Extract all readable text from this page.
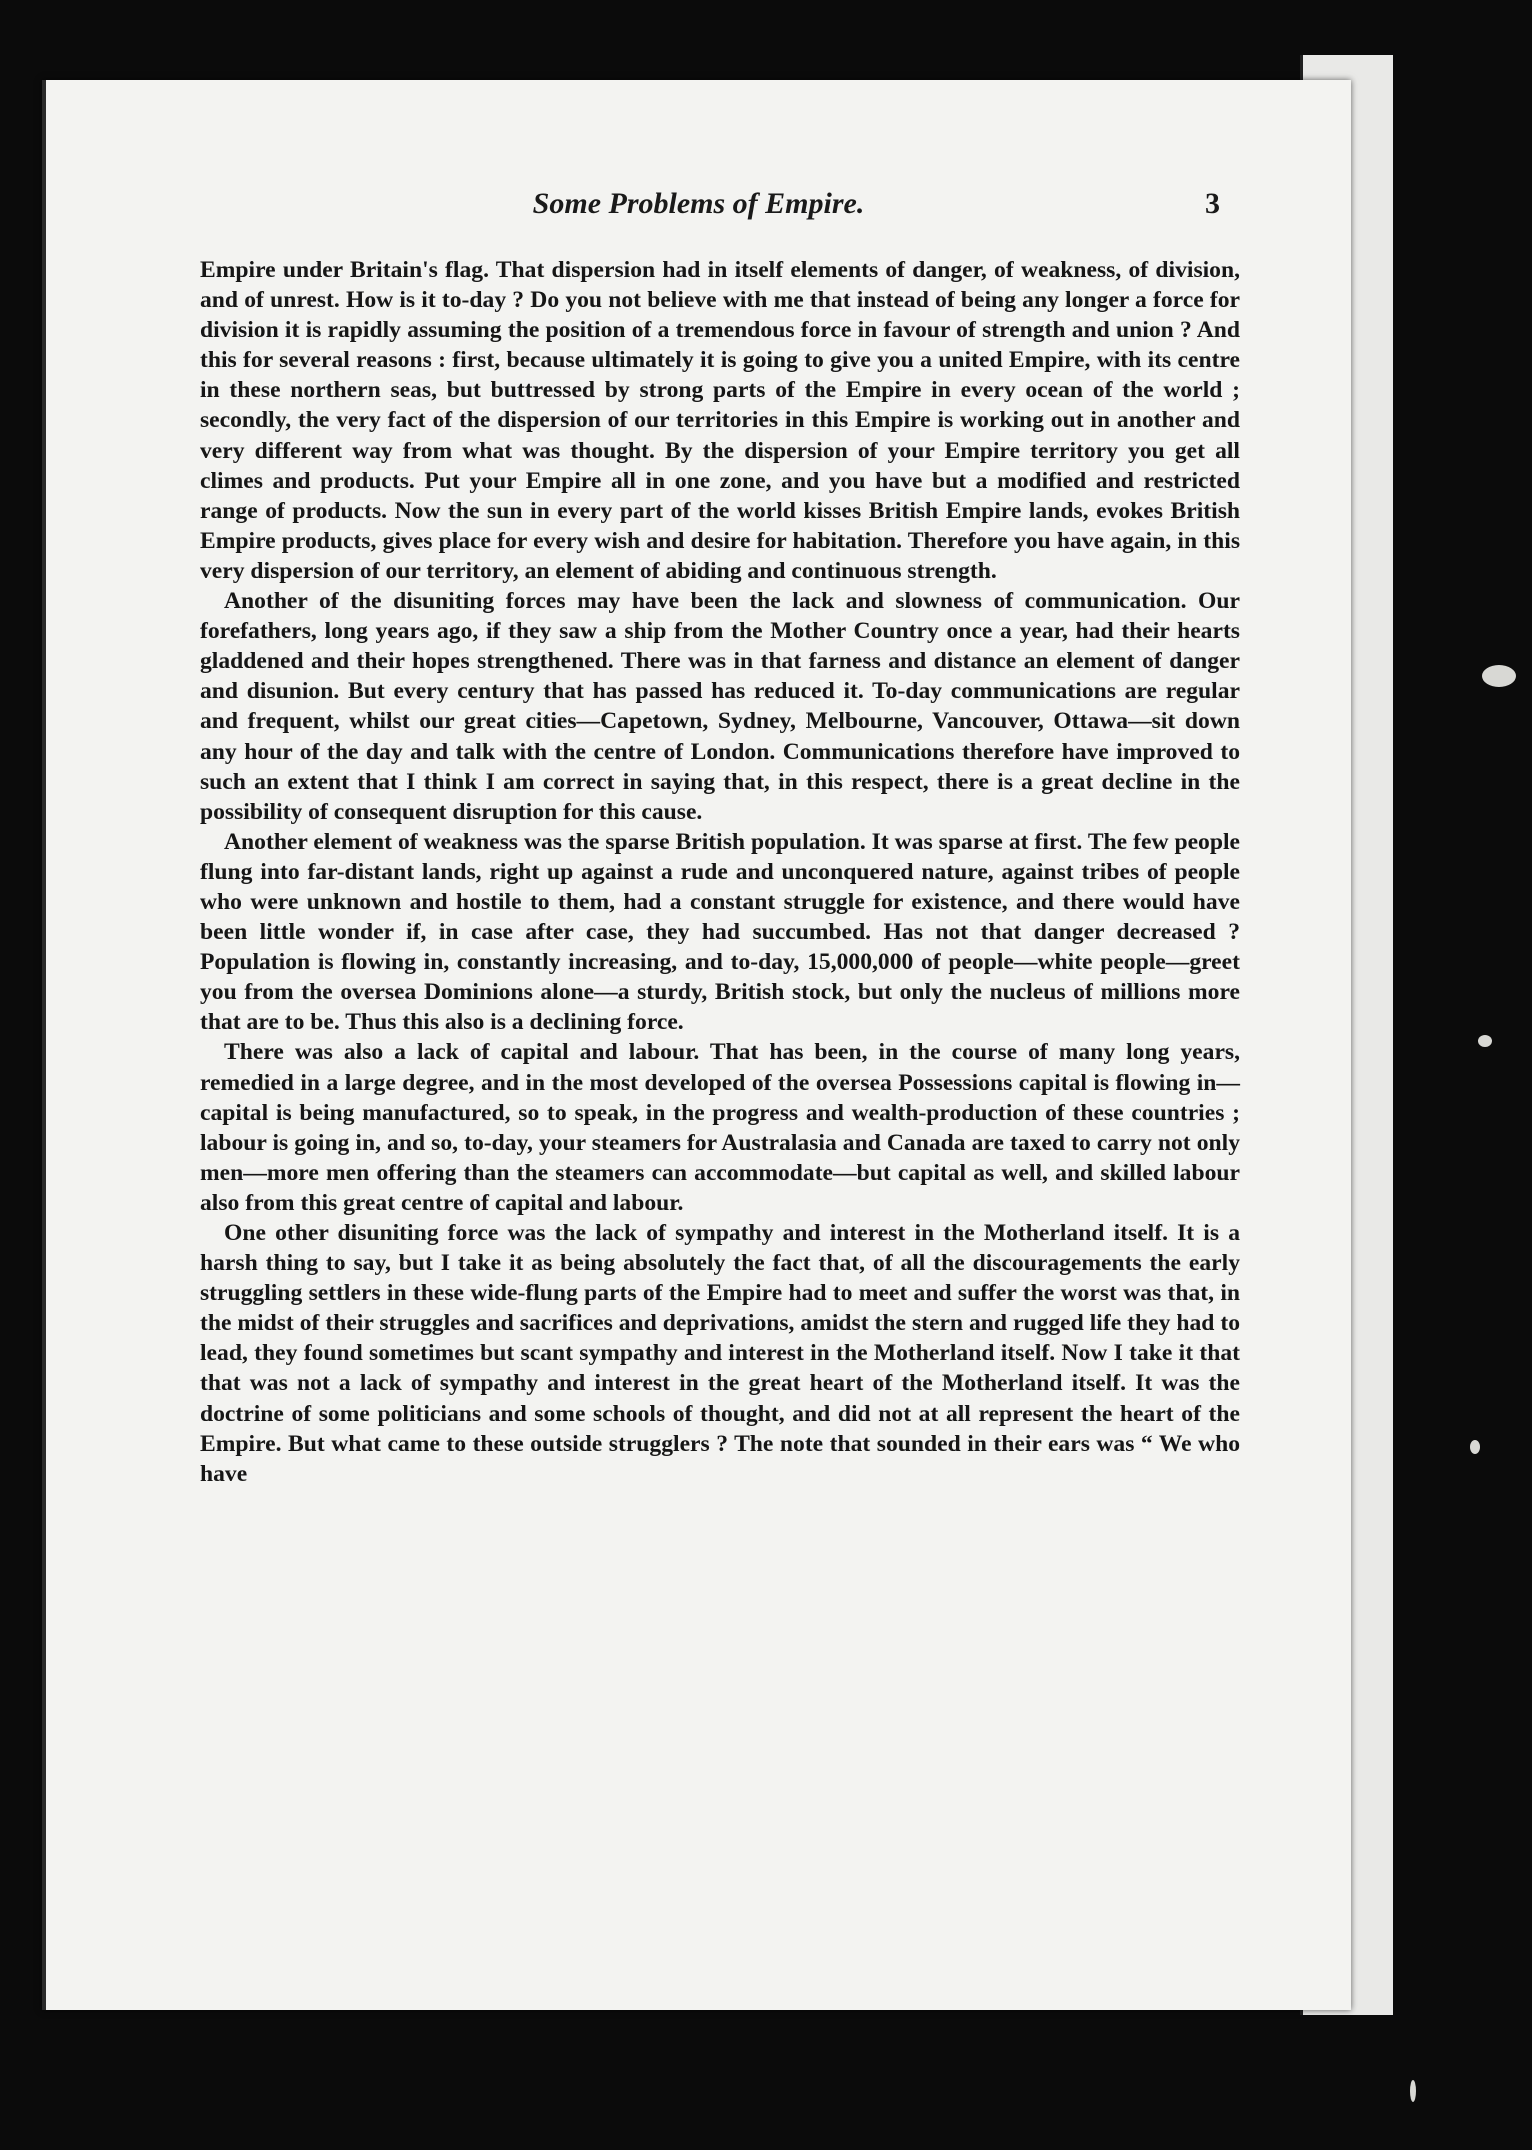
Some Problems of Empire.	3

Empire under Britain's flag. That dispersion had in itself elements of danger, of weakness, of division, and of unrest. How is it to-day ? Do you not believe with me that instead of being any longer a force for division it is rapidly assuming the position of a tremendous force in favour of strength and union ? And this for several reasons : first, because ultimately it is going to give you a united Empire, with its centre in these northern seas, but buttressed by strong parts of the Empire in every ocean of the world ; secondly, the very fact of the dispersion of our territories in this Empire is working out in another and very different way from what was thought. By the dispersion of your Empire territory you get all climes and products. Put your Empire all in one zone, and you have but a modified and restricted range of products. Now the sun in every part of the world kisses British Empire lands, evokes British Empire products, gives place for every wish and desire for habitation. Therefore you have again, in this very dispersion of our territory, an element of abiding and continuous strength.

Another of the disuniting forces may have been the lack and slowness of communication. Our forefathers, long years ago, if they saw a ship from the Mother Country once a year, had their hearts gladdened and their hopes strengthened. There was in that farness and distance an element of danger and disunion. But every century that has passed has reduced it. To-day communications are regular and frequent, whilst our great cities—Capetown, Sydney, Melbourne, Vancouver, Ottawa—sit down any hour of the day and talk with the centre of London. Communications therefore have improved to such an extent that I think I am correct in saying that, in this respect, there is a great decline in the possibility of consequent disruption for this cause.

Another element of weakness was the sparse British population. It was sparse at first. The few people flung into far-distant lands, right up against a rude and unconquered nature, against tribes of people who were unknown and hostile to them, had a constant struggle for existence, and there would have been little wonder if, in case after case, they had succumbed. Has not that danger decreased ? Population is flowing in, constantly increasing, and to-day, 15,000,000 of people—white people—greet you from the oversea Dominions alone—a sturdy, British stock, but only the nucleus of millions more that are to be. Thus this also is a declining force.

There was also a lack of capital and labour. That has been, in the course of many long years, remedied in a large degree, and in the most developed of the oversea Possessions capital is flowing in—capital is being manufactured, so to speak, in the progress and wealth-production of these countries ; labour is going in, and so, to-day, your steamers for Australasia and Canada are taxed to carry not only men—more men offering than the steamers can accommodate—but capital as well, and skilled labour also from this great centre of capital and labour.

One other disuniting force was the lack of sympathy and interest in the Motherland itself. It is a harsh thing to say, but I take it as being absolutely the fact that, of all the discouragements the early struggling settlers in these wide-flung parts of the Empire had to meet and suffer the worst was that, in the midst of their struggles and sacrifices and deprivations, amidst the stern and rugged life they had to lead, they found sometimes but scant sympathy and interest in the Motherland itself. Now I take it that that was not a lack of sympathy and interest in the great heart of the Motherland itself. It was the doctrine of some politicians and some schools of thought, and did not at all represent the heart of the Empire. But what came to these outside strugglers ? The note that sounded in their ears was “ We who have
